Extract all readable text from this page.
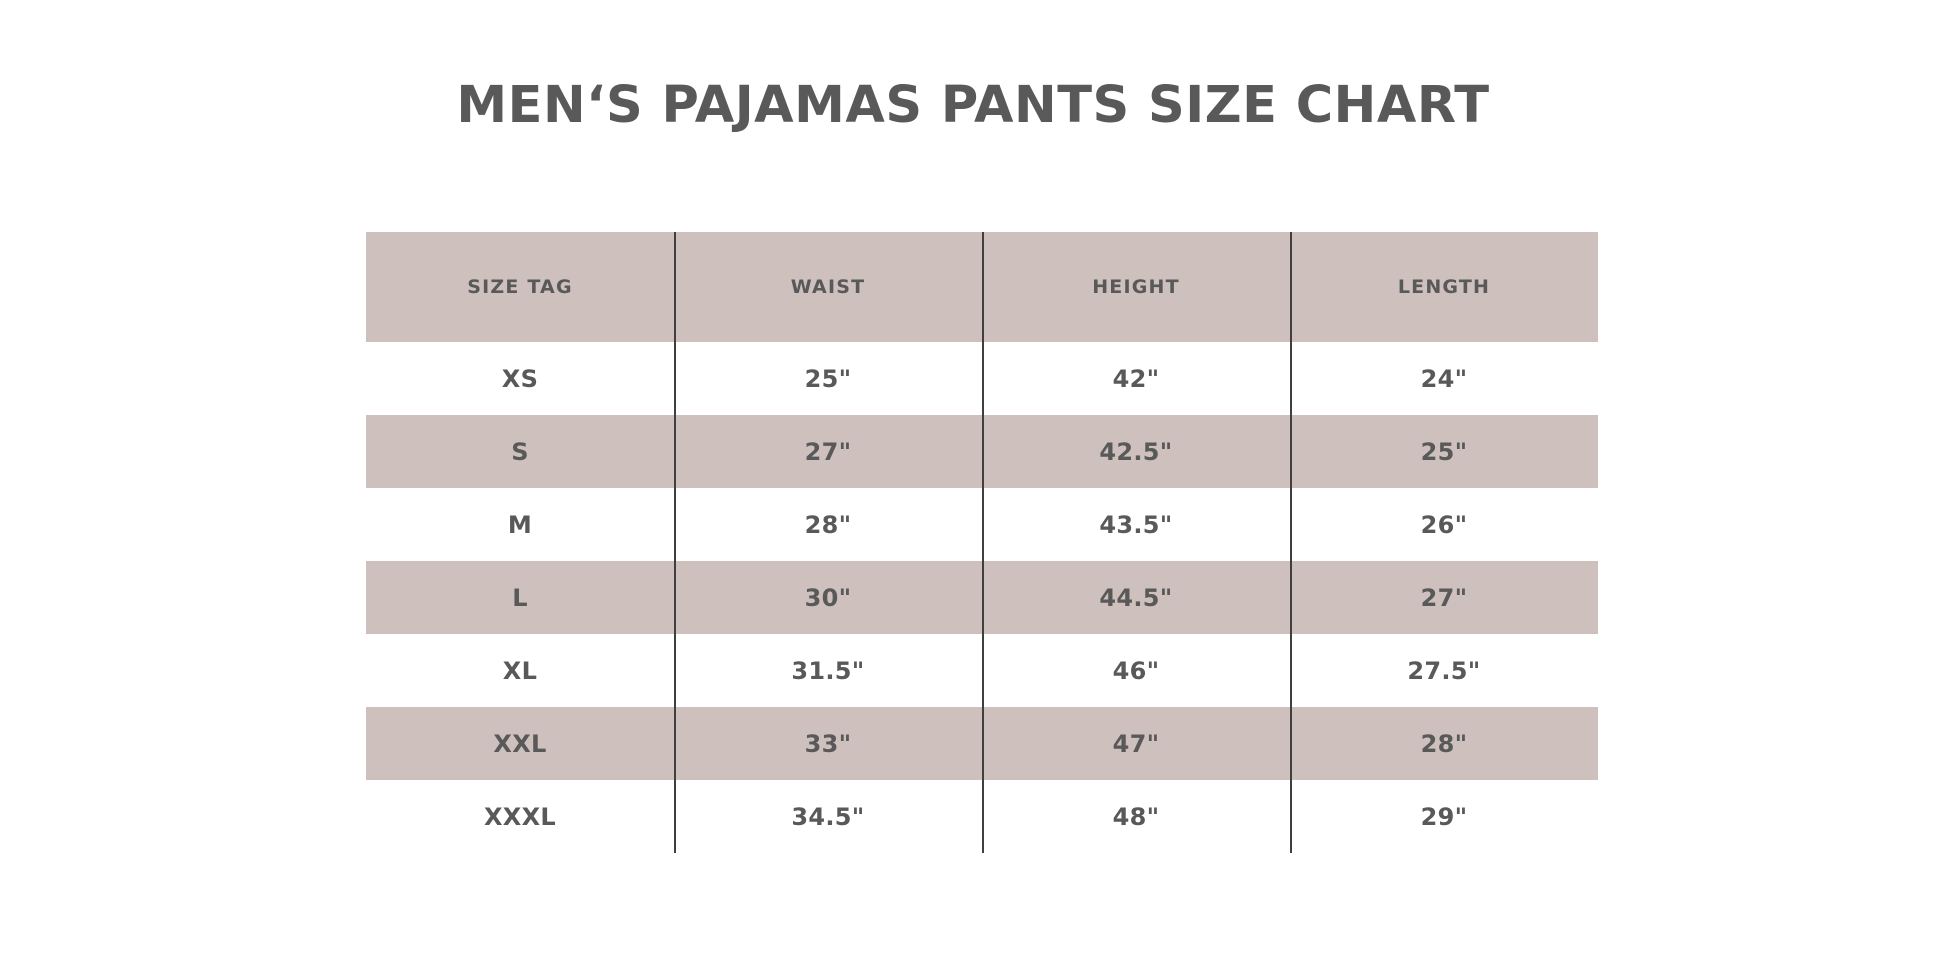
MEN‘S PAJAMAS PANTS SIZE CHART
SIZE TAG	WAIST	HEIGHT	LENGTH
XS	25"	42"	24"
S	27"	42.5"	25"
M	28"	43.5"	26"
L	30"	44.5"	27"
XL	31.5"	46"	27.5"
XXL	33"	47"	28"
XXXL	34.5"	48"	29"
